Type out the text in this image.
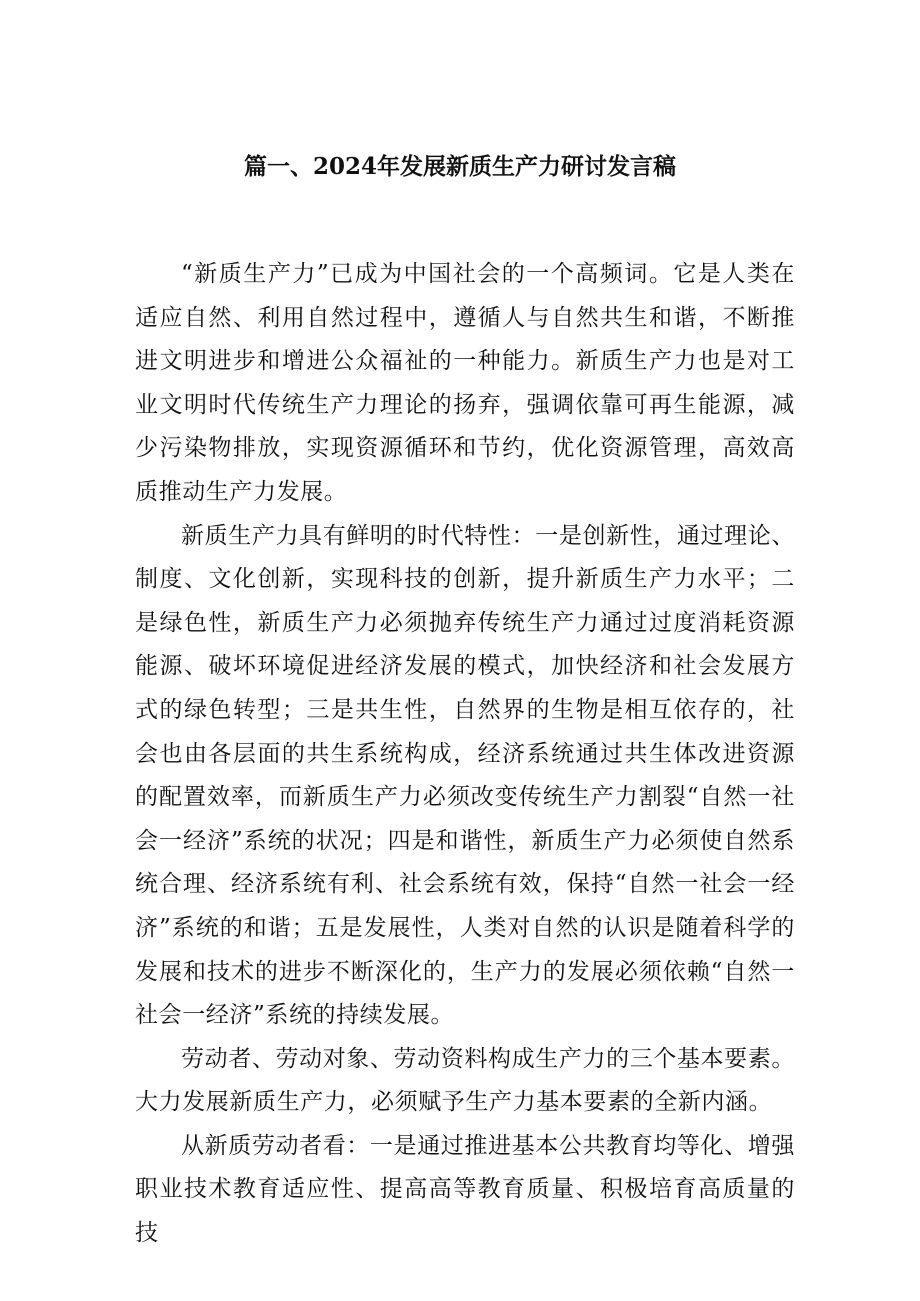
篇一、2024年发展新质生产力研讨发言稿

“新质生产力”已成为中国社会的一个高频词。它是人类在适应自然、利用自然过程中，遵循人与自然共生和谐，不断推进文明进步和增进公众福祉的一种能力。新质生产力也是对工业文明时代传统生产力理论的扬弃，强调依靠可再生能源，减少污染物排放，实现资源循环和节约，优化资源管理，高效高质推动生产力发展。

新质生产力具有鲜明的时代特性：一是创新性，通过理论、制度、文化创新，实现科技的创新，提升新质生产力水平；二是绿色性，新质生产力必须抛弃传统生产力通过过度消耗资源能源、破坏环境促进经济发展的模式，加快经济和社会发展方式的绿色转型；三是共生性，自然界的生物是相互依存的，社会也由各层面的共生系统构成，经济系统通过共生体改进资源的配置效率，而新质生产力必须改变传统生产力割裂“自然一社会一经济”系统的状况；四是和谐性，新质生产力必须使自然系统合理、经济系统有利、社会系统有效，保持“自然一社会一经济”系统的和谐；五是发展性，人类对自然的认识是随着科学的发展和技术的进步不断深化的，生产力的发展必须依赖“自然一社会一经济”系统的持续发展。

劳动者、劳动对象、劳动资料构成生产力的三个基本要素。大力发展新质生产力，必须赋予生产力基本要素的全新内涵。

从新质劳动者看：一是通过推进基本公共教育均等化、增强职业技术教育适应性、提高高等教育质量、积极培育高质量的技
